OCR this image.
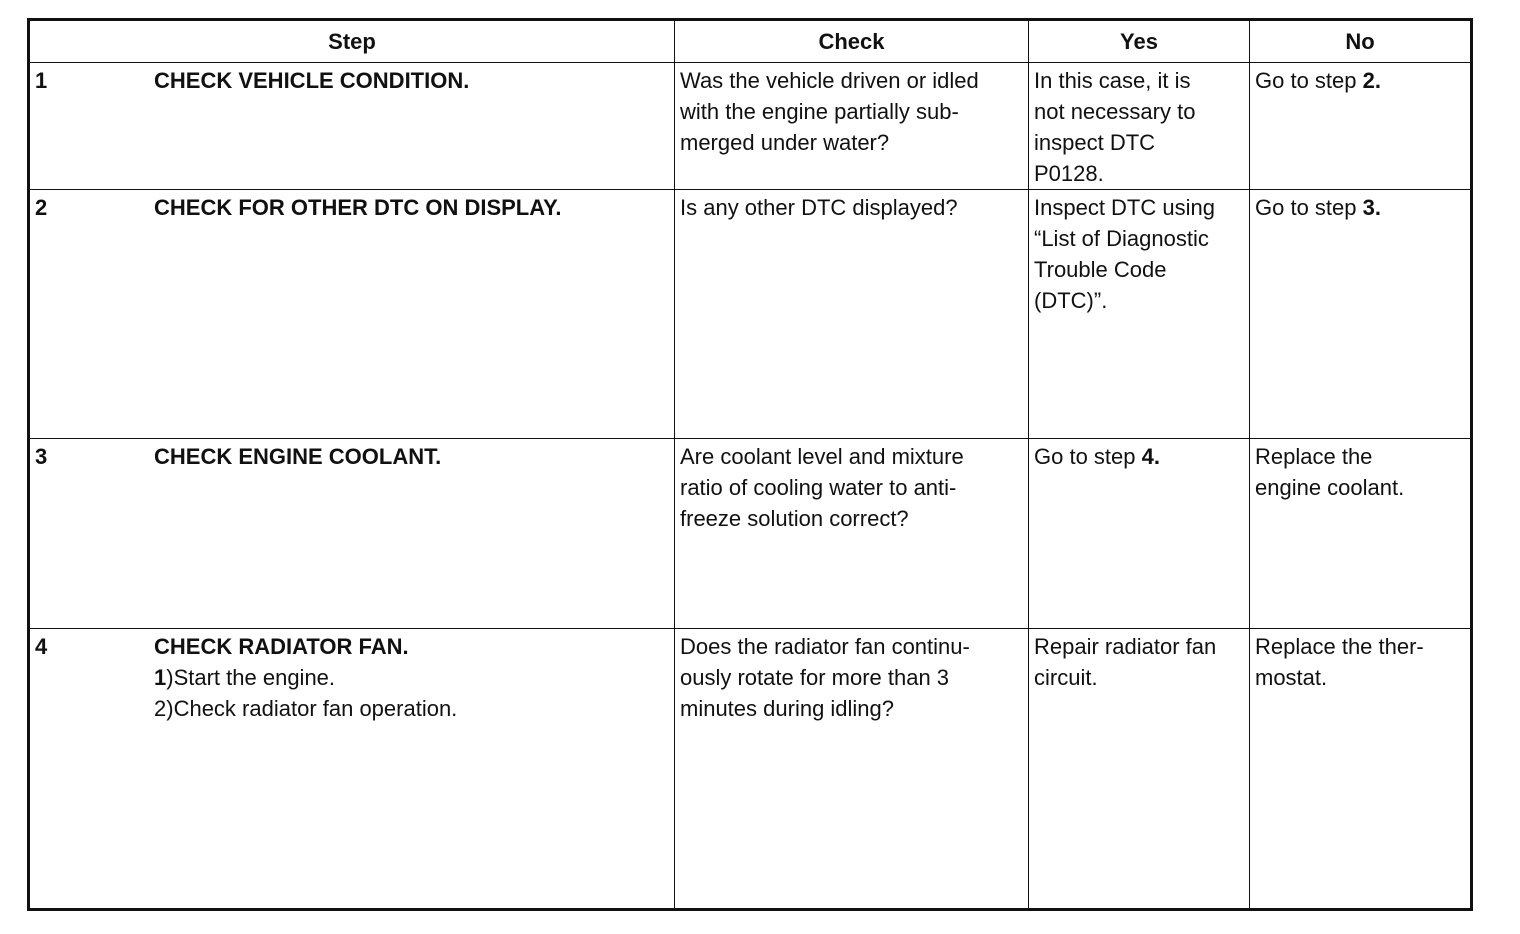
Step	Check	Yes	No

1 CHECK VEHICLE CONDITION.	Was the vehicle driven or idled
with the engine partially sub-
merged under water?	In this case, it is
not necessary to
inspect DTC
P0128.	Go to step 2.

2 CHECK FOR OTHER DTC ON DISPLAY.	Is any other DTC displayed?	Inspect DTC using
“List of Diagnostic
Trouble Code
(DTC)”.	Go to step 3.

3 CHECK ENGINE COOLANT.	Are coolant level and mixture
ratio of cooling water to anti-
freeze solution correct?	Go to step 4.	Replace the
engine coolant.

4 CHECK RADIATOR FAN.
1)Start the engine.
2)Check radiator fan operation.	Does the radiator fan continu-
ously rotate for more than 3
minutes during idling?	Repair radiator fan
circuit.	Replace the ther-
mostat.
